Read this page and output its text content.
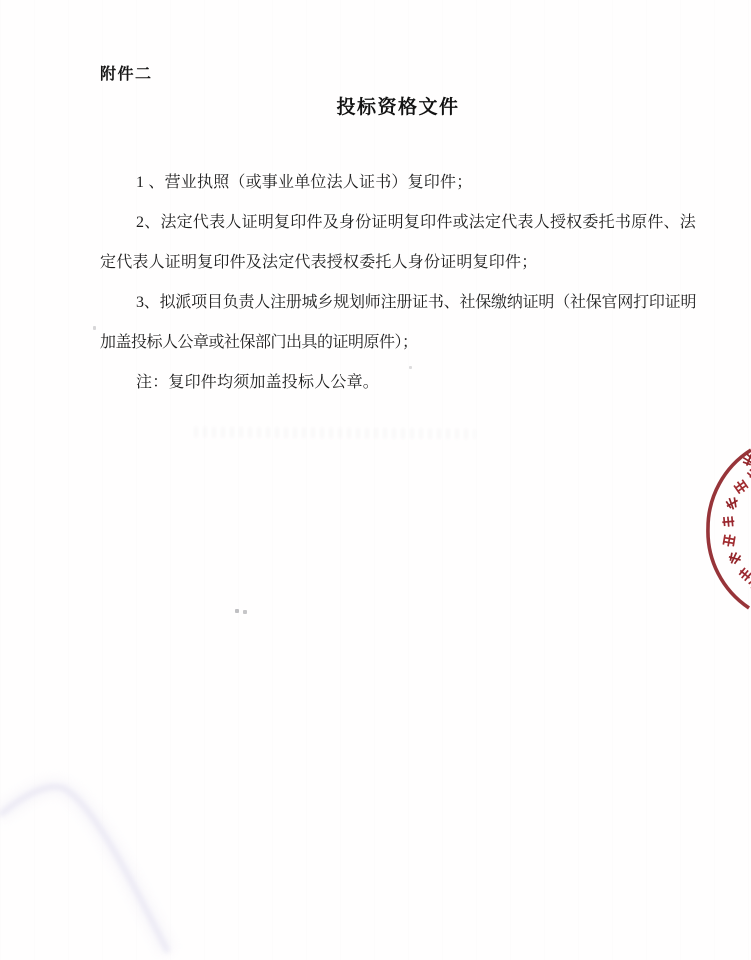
附件二
投标资格文件

1 、营业执照（或事业单位法人证书）复印件；

2、法定代表人证明复印件及身份证明复印件或法定代表人授权委托书原件、法定代表人证明复印件及法定代表授权委托人身份证明复印件；

3、拟派项目负责人注册城乡规划师注册证书、社保缴纳证明（社保官网打印证明加盖投标人公章或社保部门出具的证明原件）；

注：复印件均须加盖投标人公章。
